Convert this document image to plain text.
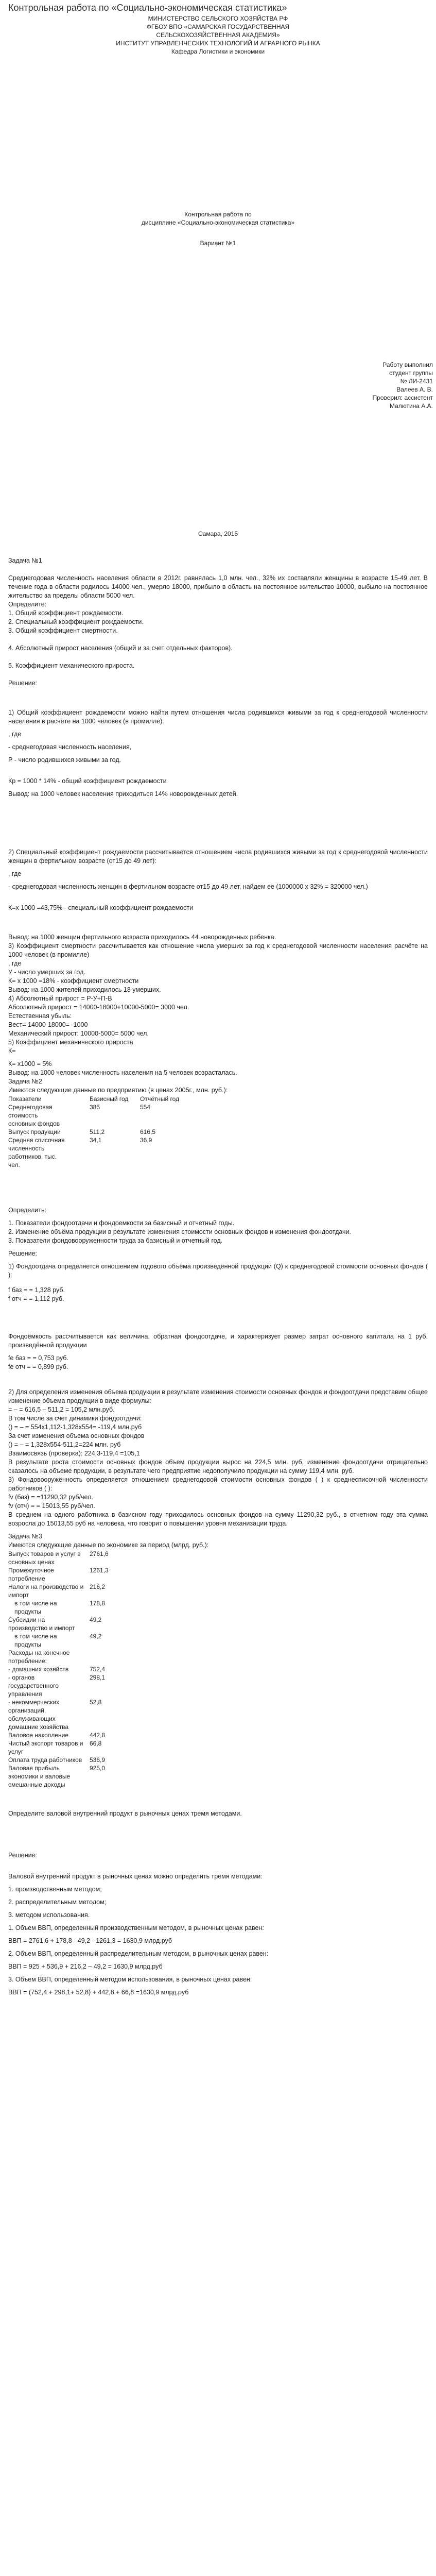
Контрольная работа по «Социально-экономическая статистика»

МИНИСТЕРСТВО СЕЛЬСКОГО ХОЗЯЙСТВА РФ

ФГБОУ ВПО «САМАРСКАЯ ГОСУДАРСТВЕННАЯ

СЕЛЬСКОХОЗЯЙСТВЕННАЯ АКАДЕМИЯ»

ИНСТИТУТ УПРАВЛЕНЧЕСКИХ ТЕХНОЛОГИЙ И АГРАРНОГО РЫНКА

Кафедра Логистики и экономики

Контрольная работа по

дисциплине «Социально-экономическая статистика»

Вариант №1

Работу выполнил

студент группы

№ ЛИ-2431

Валеев А. В.

Проверил: ассистент

Малютина А.А.

Самара, 2015

Задача №1

Среднегодовая численность населения области в 2012г. равнялась 1,0 млн. чел., 32% их составляли женщины в возрасте 15-49 лет. В течение года в области родилось 14000 чел., умерло 18000, прибыло в область на постоянное жительство 10000, выбыло на постоянное жительство за пределы области 5000 чел.

Определите:

1. Общий коэффициент рождаемости.

2. Специальный коэффициент рождаемости.

3. Общий коэффициент смертности.

4. Абсолютный прирост населения (общий и за счет отдельных факторов).

5. Коэффициент механического прироста.

Решение:

1) Общий коэффициент рождаемости можно найти путем отношения числа родившихся живыми за год к среднегодовой численности населения в расчёте на 1000 человек (в промилле).

, где

- среднегодовая численность населения,

Р - число родившихся живыми за год.

Кр = 1000 * 14% - общий коэффициент рождаемости

Вывод: на 1000 человек населения приходиться 14% новорожденных детей.

2) Специальный коэффициент рождаемости рассчитывается отношением числа родившихся живыми за год к среднегодовой численности женщин в фертильном возрасте (от15 до 49 лет):

, где

- среднегодовая численность женщин в фертильном возрасте от15 до 49 лет, найдем ее (1000000 х 32% = 320000 чел.)

К=х 1000 =43,75% - специальный коэффициент рождаемости

Вывод: на 1000 женщин фертильного возраста приходилось 44 новорожденных ребенка.

3) Коэффициент смертности рассчитывается как отношение числа умерших за год к среднегодовой численности населения расчёте на 1000 человек (в промилле)

, где

У - число умерших за год.

К= х 1000 =18% - коэффициент смертности

Вывод: на 1000 жителей приходилось 18 умерших.

4) Абсолютный прирост = Р-У+П-В

Абсолютный прирост = 14000-18000+10000-5000= 3000 чел.

Естественная убыль:

Вест= 14000-18000= -1000

Механический прирост: 10000-5000= 5000 чел.

5) Коэффициент механического прироста

К=

К= х1000 = 5%

Вывод: на 1000 человек численность населения на 5 человек возрасталась.

Задача №2

Имеются следующие данные по предприятию (в ценах 2005г., млн. руб.):

Показатели	Базисный год	Отчётный год

Среднегодовая стоимость основных фондов
385	554
Выпуск продукции	511,2	616,5

Средняя списочная численность работников, тыс. чел.
34,1	36,9

Определить:

1. Показатели фондоотдачи и фондоемкости за базисный и отчетный годы.

2. Изменение объёма продукции в результате изменения стоимости основных фондов и изменения фондоотдачи.

3. Показатели фондовооруженности труда за базисный и отчетный год.

Решение:

1) Фондоотдача определяется отношением годового объёма произведённой продукции (Q) к среднегодовой стоимости основных фондов ( ):

f баз = = 1,328 руб.

f отч = = 1,112 руб.

Фондоёмкость рассчитывается как величина, обратная фондоотдаче, и характеризует размер затрат основного капитала на 1 руб. произведённой продукции

fe баз = = 0,753 руб.

fe отч = = 0,899 руб.

2) Для определения изменения объема продукции в результате изменения стоимости основных фондов и фондоотдачи представим общее изменение объема продукции в виде формулы:

= – = 616,5 – 511,2 = 105,2 млн.руб.

В том числе за счет динамики фондоотдачи:

() = – = 554х1,112-1,328х554= -119,4 млн.руб

За счет изменения объема основных фондов

() = – = 1,328х554-511,2=224 млн. руб

Взаимосвязь (проверка): 224,3-119,4 =105,1

В результате роста стоимости основных фондов объем продукции вырос на 224,5 млн. руб, изменение фондоотдачи отрицательно сказалось на объеме продукции, в результате чего предприятие недополучило продукции на сумму 119,4 млн. руб.

3) Фондовооружённость определяется отношением среднегодовой стоимости основных фондов ( ) к среднесписочной численности работников ( ):

fv (баз) = =11290,32 руб/чел.

fv (отч) = = 15013,55 руб/чел.

В среднем на одного работника в базисном году приходилось основных фондов на сумму 11290,32 руб., в отчетном году эта сумма возросла до 15013,55 руб на человека, что говорит о повышении уровня механизации труда.

Задача №3

Имеются следующие данные по экономике за период (млрд. руб.):

Выпуск товаров и услуг в основных ценах	2761,6
Промежуточное потребление	1261,3
Налоги на производство и импорт	216,2
в том числе на продукты	178,8
Субсидии на производство и импорт	49,2
в том числе на продукты	49,2
Расходы на конечное потребление:	
- домашних хозяйств	752,4
- органов государственного управления	298,1
- некоммерческих организаций, обслуживающих домашние хозяйства	52,8
Валовое накопление	442,8
Чистый экспорт товаров и услуг	66,8
Оплата труда работников	536,9
Валовая прибыль экономики и валовые смешанные доходы	925,0

Определите валовой внутренний продукт в рыночных ценах тремя методами.

Решение:

Валовой внутренний продукт в рыночных ценах можно определить тремя методами:

1. производственным методом;

2. распределительным методом;

3. методом использования.

1. Объем ВВП, определенный производственным методом, в рыночных ценах равен:

ВВП = 2761,6 + 178,8 - 49,2 - 1261,3 = 1630,9 млрд.руб

2. Объем ВВП, определенный распределительным методом, в рыночных ценах равен:

ВВП = 925 + 536,9 + 216,2 – 49,2 = 1630,9 млрд.руб

3. Объем ВВП, определенный методом использования, в рыночных ценах равен:

ВВП = (752,4 + 298,1+ 52,8) + 442,8 + 66,8 =1630,9 млрд.руб
